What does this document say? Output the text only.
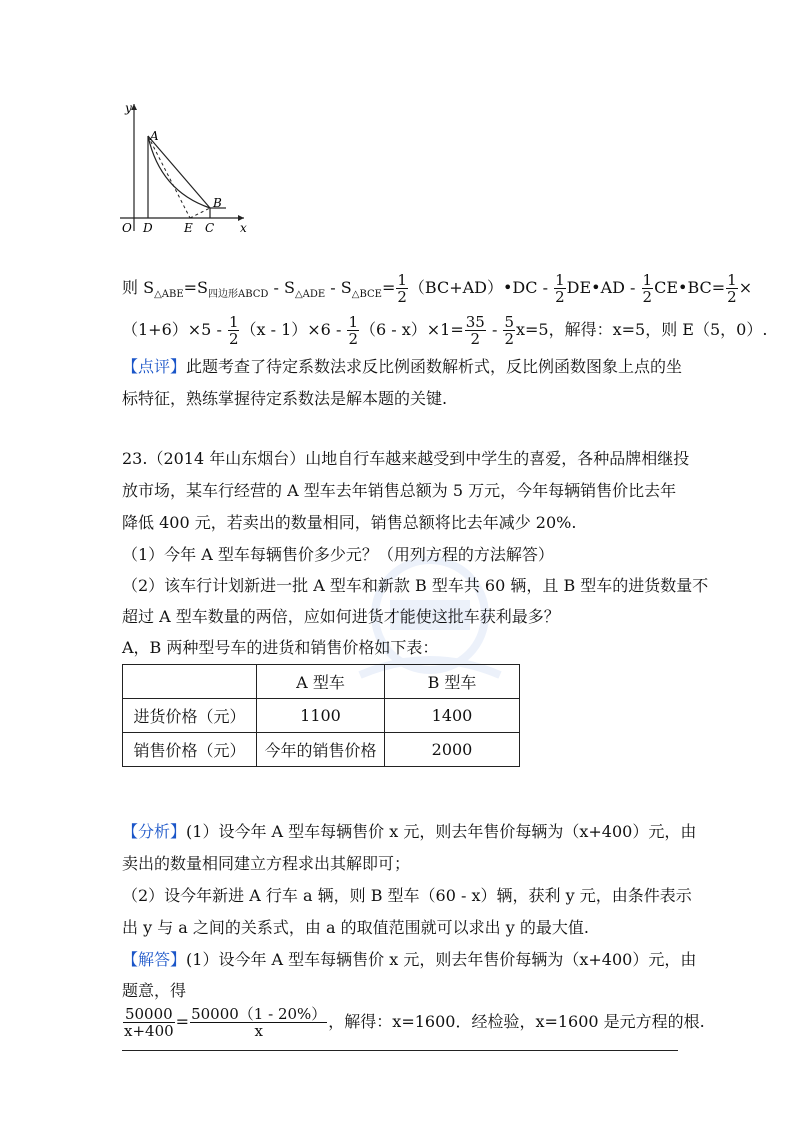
y
x
O
A
B
D	E C
则 $S_{\triangle ABE}=S_{四边形ABCD} - S_{\triangle ADE} - S_{\triangle BCE}= \frac{1}{2}$ （BC+AD）•DC - $\frac{1}{2}$ DE•AD - $\frac{1}{2}$ CE•BC= $\frac{1}{2}$ ×
$(1+6)\times 5 - \frac{1}{2} (x - 1)\times 6 - \frac{1}{2} (6 - x)\times 1= \frac{35}{2} - \frac{5}{2} x=5$，解得：x=5，则 E（5，0）.
【点评】此题考查了待定系数法求反比例函数解析式，反比例函数图象上点的坐
标特征，熟练掌握待定系数法是解本题的关键.
23.（2014 年山东烟台）山地自行车越来越受到中学生的喜爱，各种品牌相继投
放市场，某车行经营的 A 型车去年销售总额为 5 万元，今年每辆销售价比去年
降低 400 元，若卖出的数量相同，销售总额将比去年减少 20%.
（1）今年 A 型车每辆售价多少元？（用列方程的方法解答）
（2）该车行计划新进一批 A 型车和新款 B 型车共 60 辆，且 B 型车的进货数量不
超过 A 型车数量的两倍，应如何进货才能使这批车获利最多？
A，B 两种型号车的进货和销售价格如下表：
	A 型车	B 型车
进货价格（元）	1100	1400
销售价格（元）	今年的销售价格	2000
【分析】(1）设今年 A 型车每辆售价 x 元，则去年售价每辆为（x+400）元，由
卖出的数量相同建立方程求出其解即可；
（2）设今年新进 A 行车 a 辆，则 B 型车（60 - x）辆，获利 y 元，由条件表示
出 y 与 a 之间的关系式，由 a 的取值范围就可以求出 y 的最大值.
【解答】(1）设今年 A 型车每辆售价 x 元，则去年售价每辆为（x+400）元，由
题意，得
$\frac{50000}{x+400} = \frac{50000(1 - 20\%)}{x}$ ，解得：x=1600．经检验，x=1600 是元方程的根.
